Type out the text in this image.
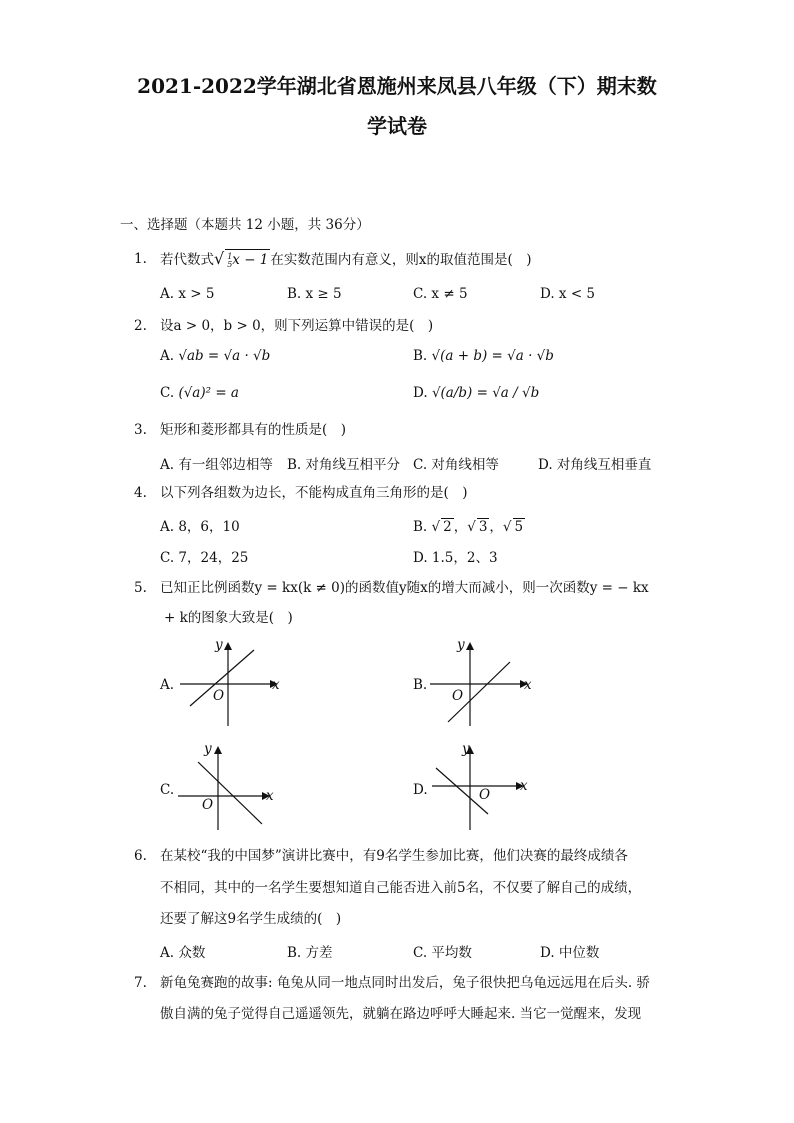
2021-2022学年湖北省恩施州来凤县八年级（下）期末数
学试卷
一、选择题（本题共 12 小题，共 36分）
1. 若代数式√ 1
5x − 1 在实数范围内有意义，则x的取值范围是(　)
A. x > 5	B. x ≥ 5	C. x ≠ 5	D. x < 5
2. 设a > 0，b > 0，则下列运算中错误的是(　)
A. √ab = √a · √b	B. √(a + b) = √a · √b
C. (√a)² = a	D. √(a/b) = √a / √b
3. 矩形和菱形都具有的性质是(　)
A. 有一组邻边相等 B. 对角线互相平分 C. 对角线相等	D. 对角线互相垂直
4. 以下列各组数为边长，不能构成直角三角形的是(　)
A. 8，6，10	B. √ 2 ，√ 3 ，√ 5
C. 7，24，25	D. 1.5，2、3
5. 已知正比例函数y = kx(k ≠ 0)的函数值y随x的增大而减小，则一次函数y = − kx
+ k的图象大致是(　)
A.	x
y
O
B.	x
y
O
C.	x
y
O
D.	x
y
O
6. 在某校“我的中国梦”演讲比赛中，有9名学生参加比赛，他们决赛的最终成绩各
不相同，其中的一名学生要想知道自己能否进入前5名，不仅要了解自己的成绩，
还要了解这9名学生成绩的(　)
A. 众数	B. 方差	C. 平均数	D. 中位数
7. 新龟兔赛跑的故事: 龟兔从同一地点同时出发后，兔子很快把乌龟远远甩在后头. 骄
傲自满的兔子觉得自己遥遥领先，就躺在路边呼呼大睡起来. 当它一觉醒来，发现
